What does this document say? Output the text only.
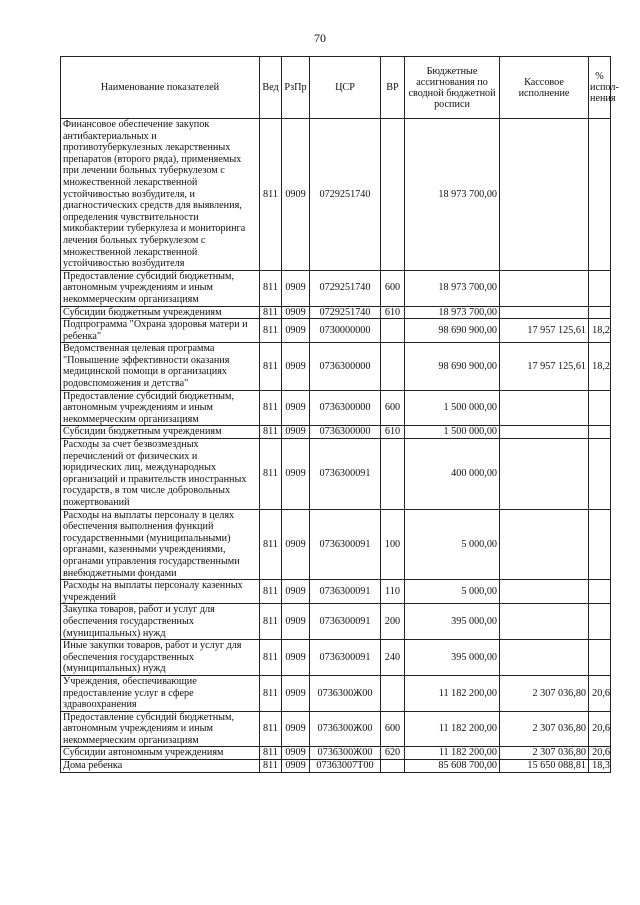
70
Наименование показателей	Вед	РзПр	ЦСР	ВР	Бюджетные ассигнования по сводной бюджетной росписи	Кассовое исполнение	% испол-нения
Финансовое обеспечение закупок антибактериальных и противотуберкулезных лекарственных препаратов (второго ряда), применяемых при лечении больных туберкулезом с множественной лекарственной устойчивостью возбудителя, и диагностических средств для выявления, определения чувствительности микобактерии туберкулеза и мониторинга лечения больных туберкулезом с множественной лекарственной устойчивостью возбудителя	811	0909	0729251740		18 973 700,00		
Предоставление субсидий бюджетным, автономным учреждениям и иным некоммерческим организациям	811	0909	0729251740	600	18 973 700,00		
Субсидии бюджетным учреждениям	811	0909	0729251740	610	18 973 700,00		
Подпрограмма "Охрана здоровья матери и ребенка"	811	0909	0730000000		98 690 900,00	17 957 125,61	18,2
Ведомственная целевая программа "Повышение эффективности оказания медицинской помощи в организациях родовспоможения и детства"	811	0909	0736300000		98 690 900,00	17 957 125,61	18,2
Предоставление субсидий бюджетным, автономным учреждениям и иным некоммерческим организациям	811	0909	0736300000	600	1 500 000,00		
Субсидии бюджетным учреждениям	811	0909	0736300000	610	1 500 000,00		
Расходы за счет безвозмездных перечислений от физических и юридических лиц, международных организаций и правительств иностранных государств, в том числе добровольных пожертвований	811	0909	0736300091		400 000,00		
Расходы на выплаты персоналу в целях обеспечения выполнения функций государственными (муниципальными) органами, казенными учреждениями, органами управления государственными внебюджетными фондами	811	0909	0736300091	100	5 000,00		
Расходы на выплаты персоналу казенных учреждений	811	0909	0736300091	110	5 000,00		
Закупка товаров, работ и услуг для обеспечения государственных (муниципальных) нужд	811	0909	0736300091	200	395 000,00		
Иные закупки товаров, работ и услуг для обеспечения государственных (муниципальных) нужд	811	0909	0736300091	240	395 000,00		
Учреждения, обеспечивающие предоставление услуг в сфере здравоохранения	811	0909	0736300Ж00		11 182 200,00	2 307 036,80	20,6
Предоставление субсидий бюджетным, автономным учреждениям и иным некоммерческим организациям	811	0909	0736300Ж00	600	11 182 200,00	2 307 036,80	20,6
Субсидии автономным учреждениям	811	0909	0736300Ж00	620	11 182 200,00	2 307 036,80	20,6
Дома ребенка	811	0909	07363007Т00		85 608 700,00	15 650 088,81	18,3
